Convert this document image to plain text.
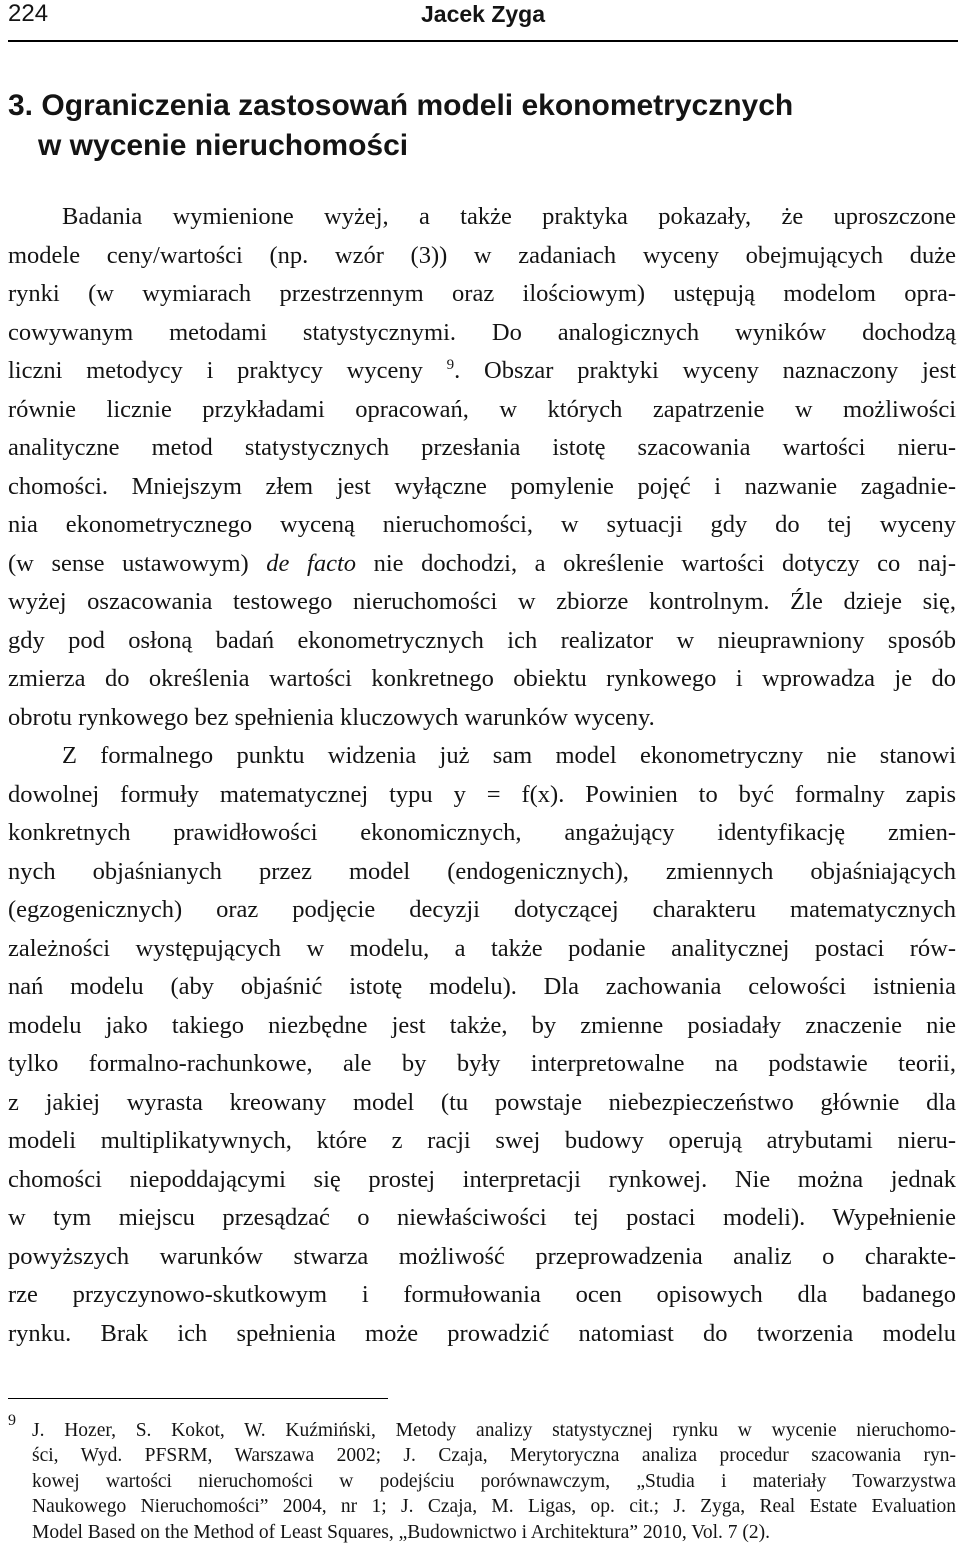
224	Jacek Zyga
3. Ograniczenia zastosowań modeli ekonometrycznych
w wycenie nieruchomości
Badania wymienione wyżej, a także praktyka pokazały, że uproszczone
modele ceny/wartości (np. wzór (3)) w zadaniach wyceny obejmujących duże
rynki (w wymiarach przestrzennym oraz ilościowym) ustępują modelom opra-
cowywanym metodami statystycznymi. Do analogicznych wyników dochodzą
liczni metodycy i praktycy wyceny $^9$. Obszar praktyki wyceny naznaczony jest
równie licznie przykładami opracowań, w których zapatrzenie w możliwości
analityczne metod statystycznych przesłania istotę szacowania wartości nieru-
chomości. Mniejszym złem jest wyłączne pomylenie pojęć i nazwanie zagadnie-
nia ekonometrycznego wyceną nieruchomości, w sytuacji gdy do tej wyceny
(w sense ustawowym) de facto nie dochodzi, a określenie wartości dotyczy co naj-
wyżej oszacowania testowego nieruchomości w zbiorze kontrolnym. Źle dzieje się,
gdy pod osłoną badań ekonometrycznych ich realizator w nieuprawniony sposób
zmierza do określenia wartości konkretnego obiektu rynkowego i wprowadza je do
obrotu rynkowego bez spełnienia kluczowych warunków wyceny.
Z formalnego punktu widzenia już sam model ekonometryczny nie stanowi
dowolnej formuły matematycznej typu y = f(x). Powinien to być formalny zapis
konkretnych prawidłowości ekonomicznych, angażujący identyfikację zmien-
nych objaśnianych przez model (endogenicznych), zmiennych objaśniających
(egzogenicznych) oraz podjęcie decyzji dotyczącej charakteru matematycznych
zależności występujących w modelu, a także podanie analitycznej postaci rów-
nań modelu (aby objaśnić istotę modelu). Dla zachowania celowości istnienia
modelu jako takiego niezbędne jest także, by zmienne posiadały znaczenie nie
tylko formalno-rachunkowe, ale by były interpretowalne na podstawie teorii,
z jakiej wyrasta kreowany model (tu powstaje niebezpieczeństwo głównie dla
modeli multiplikatywnych, które z racji swej budowy operują atrybutami nieru-
chomości niepoddającymi się prostej interpretacji rynkowej. Nie można jednak
w tym miejscu przesądzać o niewłaściwości tej postaci modeli). Wypełnienie
powyższych warunków stwarza możliwość przeprowadzenia analiz o charakte-
rze przyczynowo-skutkowym i formułowania ocen opisowych dla badanego
rynku. Brak ich spełnienia może prowadzić natomiast do tworzenia modelu
9 J. Hozer, S. Kokot, W. Kuźmiński, Metody analizy statystycznej rynku w wycenie nieruchomo-
ści, Wyd. PFSRM, Warszawa 2002; J. Czaja, Merytoryczna analiza procedur szacowania ryn-
kowej wartości nieruchomości w podejściu porównawczym, „Studia i materiały Towarzystwa
Naukowego Nieruchomości” 2004, nr 1; J. Czaja, M. Ligas, op. cit.; J. Zyga, Real Estate Evaluation
Model Based on the Method of Least Squares, „Budownictwo i Architektura” 2010, Vol. 7 (2).
